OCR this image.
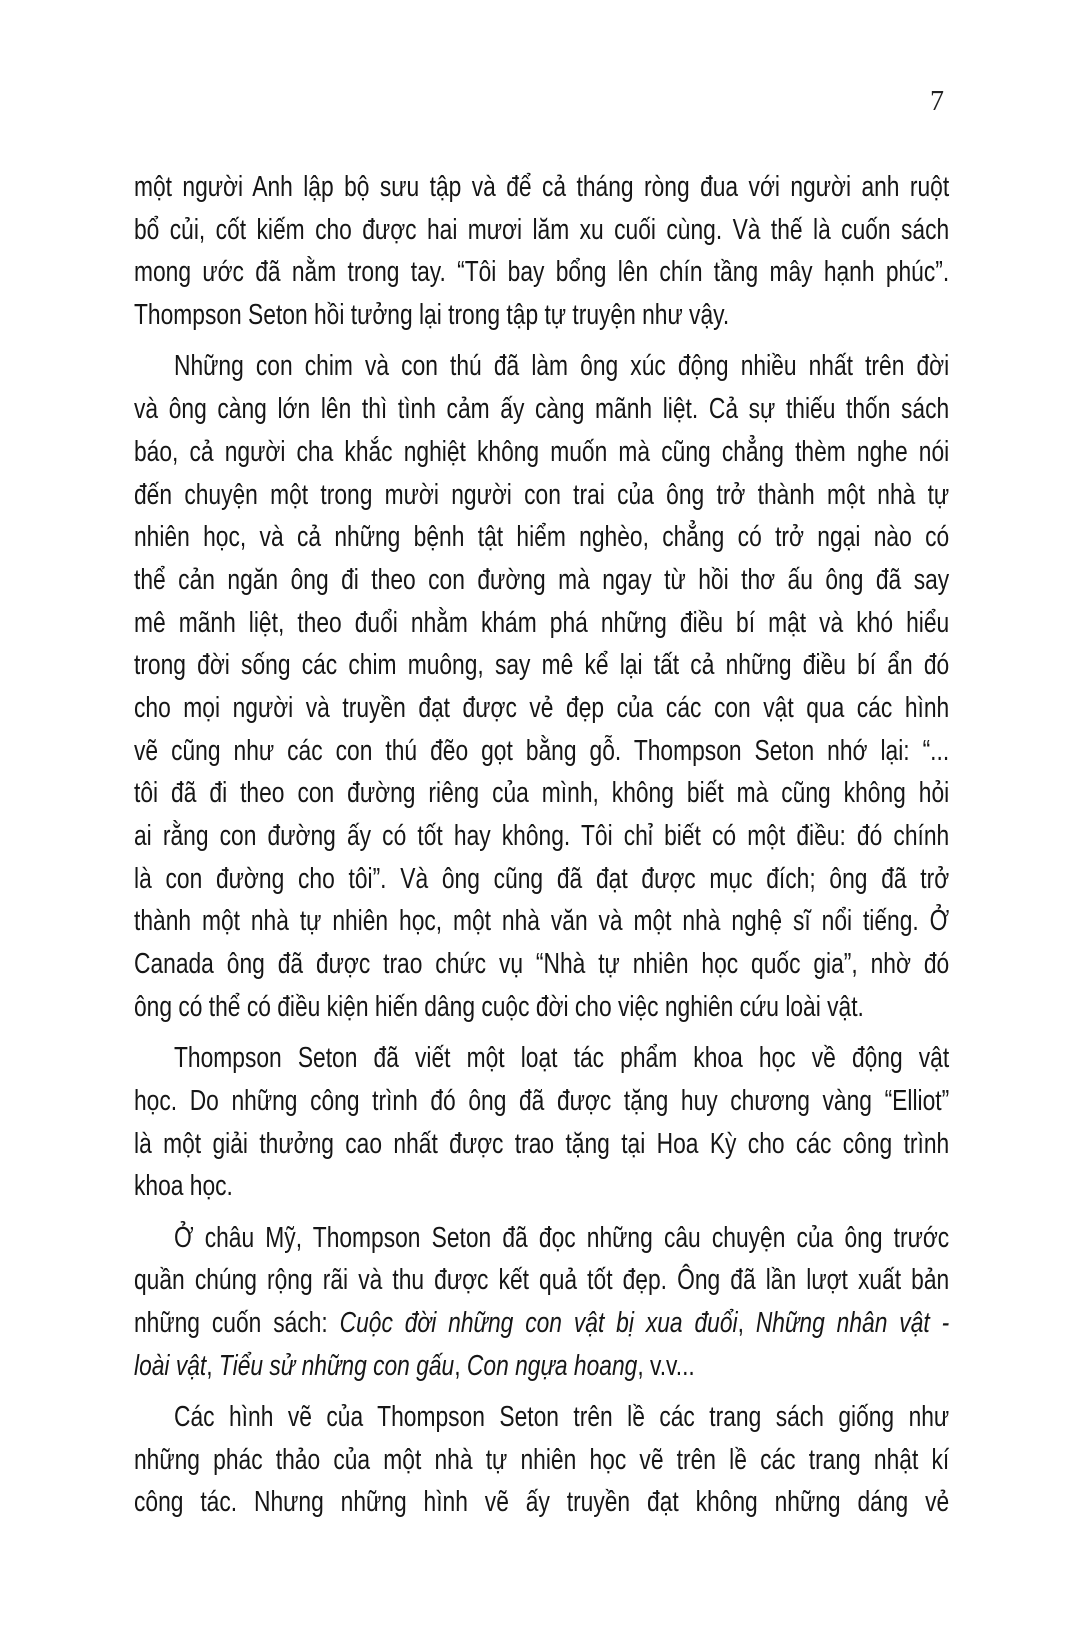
7
một người Anh lập bộ sưu tập và để cả tháng ròng đua với người anh ruột
bổ củi, cốt kiếm cho được hai mươi lăm xu cuối cùng. Và thế là cuốn sách
mong ước đã nằm trong tay. “Tôi bay bổng lên chín tầng mây hạnh phúc”.
Thompson Seton hồi tưởng lại trong tập tự truyện như vậy.
Những con chim và con thú đã làm ông xúc động nhiều nhất trên đời
và ông càng lớn lên thì tình cảm ấy càng mãnh liệt. Cả sự thiếu thốn sách
báo, cả người cha khắc nghiệt không muốn mà cũng chẳng thèm nghe nói
đến chuyện một trong mười người con trai của ông trở thành một nhà tự
nhiên học, và cả những bệnh tật hiểm nghèo, chẳng có trở ngại nào có
thể cản ngăn ông đi theo con đường mà ngay từ hồi thơ ấu ông đã say
mê mãnh liệt, theo đuổi nhằm khám phá những điều bí mật và khó hiểu
trong đời sống các chim muông, say mê kể lại tất cả những điều bí ẩn đó
cho mọi người và truyền đạt được vẻ đẹp của các con vật qua các hình
vẽ cũng như các con thú đẽo gọt bằng gỗ. Thompson Seton nhớ lại: “...
tôi đã đi theo con đường riêng của mình, không biết mà cũng không hỏi
ai rằng con đường ấy có tốt hay không. Tôi chỉ biết có một điều: đó chính
là con đường cho tôi”. Và ông cũng đã đạt được mục đích; ông đã trở
thành một nhà tự nhiên học, một nhà văn và một nhà nghệ sĩ nổi tiếng. Ở
Canada ông đã được trao chức vụ “Nhà tự nhiên học quốc gia”, nhờ đó
ông có thể có điều kiện hiến dâng cuộc đời cho việc nghiên cứu loài vật.
Thompson Seton đã viết một loạt tác phẩm khoa học về động vật
học. Do những công trình đó ông đã được tặng huy chương vàng “Elliot”
là một giải thưởng cao nhất được trao tặng tại Hoa Kỳ cho các công trình
khoa học.
Ở châu Mỹ, Thompson Seton đã đọc những câu chuyện của ông trước
quần chúng rộng rãi và thu được kết quả tốt đẹp. Ông đã lần lượt xuất bản
những cuốn sách: Cuộc đời những con vật bị xua đuổi, Những nhân vật -
loài vật, Tiểu sử những con gấu, Con ngựa hoang, v.v...
Các hình vẽ của Thompson Seton trên lề các trang sách giống như
những phác thảo của một nhà tự nhiên học vẽ trên lề các trang nhật kí
công tác. Nhưng những hình vẽ ấy truyền đạt không những dáng vẻ
